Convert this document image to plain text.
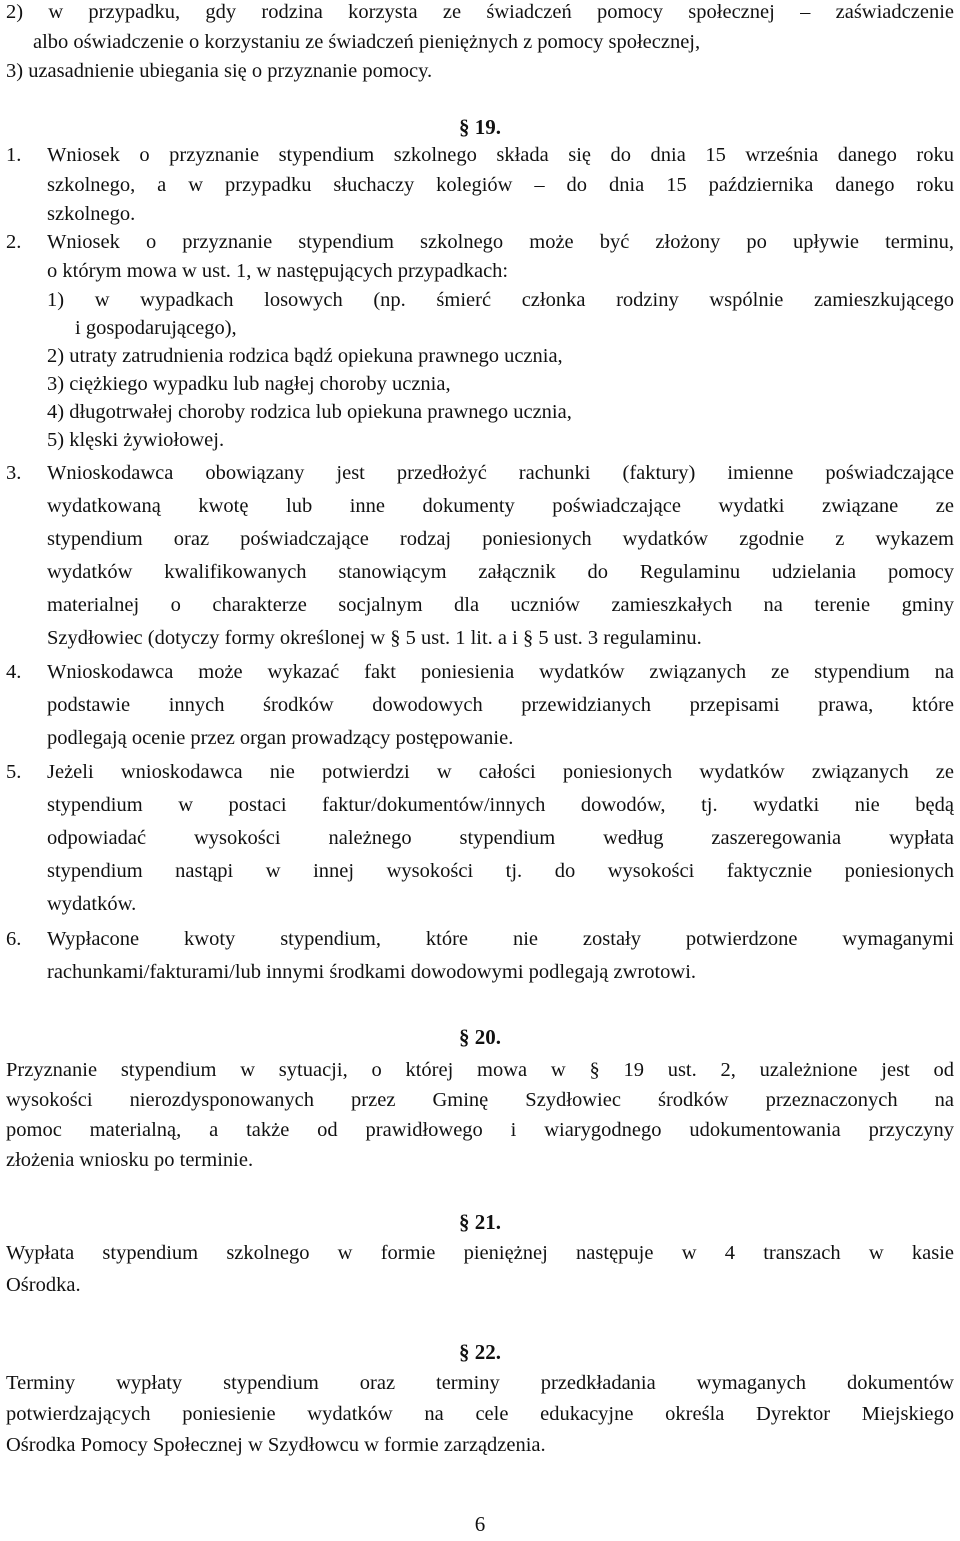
2) w przypadku, gdy rodzina korzysta ze świadczeń pomocy społecznej – zaświadczenie
albo oświadczenie o korzystaniu ze świadczeń pieniężnych z pomocy społecznej,
3) uzasadnienie ubiegania się o przyznanie pomocy.
§ 19.
1. Wniosek o przyznanie stypendium szkolnego składa się do dnia 15 września danego roku
szkolnego, a w przypadku słuchaczy kolegiów – do dnia 15 października danego roku
szkolnego.
2. Wniosek o przyznanie stypendium szkolnego może być złożony po upływie terminu,
o którym mowa w ust. 1, w następujących przypadkach:
1) w wypadkach losowych (np. śmierć członka rodziny wspólnie zamieszkującego
i gospodarującego),
2) utraty zatrudnienia rodzica bądź opiekuna prawnego ucznia,
3) ciężkiego wypadku lub nagłej choroby ucznia,
4) długotrwałej choroby rodzica lub opiekuna prawnego ucznia,
5) klęski żywiołowej.
3. Wnioskodawca obowiązany jest przedłożyć rachunki (faktury) imienne poświadczające
wydatkowaną kwotę lub inne dokumenty poświadczające wydatki związane ze
stypendium oraz poświadczające rodzaj poniesionych wydatków zgodnie z wykazem
wydatków kwalifikowanych stanowiącym załącznik do Regulaminu udzielania pomocy
materialnej o charakterze socjalnym dla uczniów zamieszkałych na terenie gminy
Szydłowiec (dotyczy formy określonej w § 5 ust. 1 lit. a i § 5 ust. 3 regulaminu.
4. Wnioskodawca może wykazać fakt poniesienia wydatków związanych ze stypendium na
podstawie innych środków dowodowych przewidzianych przepisami prawa, które
podlegają ocenie przez organ prowadzący postępowanie.
5. Jeżeli wnioskodawca nie potwierdzi w całości poniesionych wydatków związanych ze
stypendium w postaci faktur/dokumentów/innych dowodów, tj. wydatki nie będą
odpowiadać wysokości należnego stypendium według zaszeregowania wypłata
stypendium nastąpi w innej wysokości tj. do wysokości faktycznie poniesionych
wydatków.
6. Wypłacone kwoty stypendium, które nie zostały potwierdzone wymaganymi
rachunkami/fakturami/lub innymi środkami dowodowymi podlegają zwrotowi.
§ 20.
Przyznanie stypendium w sytuacji, o której mowa w § 19 ust. 2, uzależnione jest od
wysokości nierozdysponowanych przez Gminę Szydłowiec środków przeznaczonych na
pomoc materialną, a także od prawidłowego i wiarygodnego udokumentowania przyczyny
złożenia wniosku po terminie.
§ 21.
Wypłata stypendium szkolnego w formie pieniężnej następuje w 4 transzach w kasie
Ośrodka.
§ 22.
Terminy wypłaty stypendium oraz terminy przedkładania wymaganych dokumentów
potwierdzających poniesienie wydatków na cele edukacyjne określa Dyrektor Miejskiego
Ośrodka Pomocy Społecznej w Szydłowcu w formie zarządzenia.
6
